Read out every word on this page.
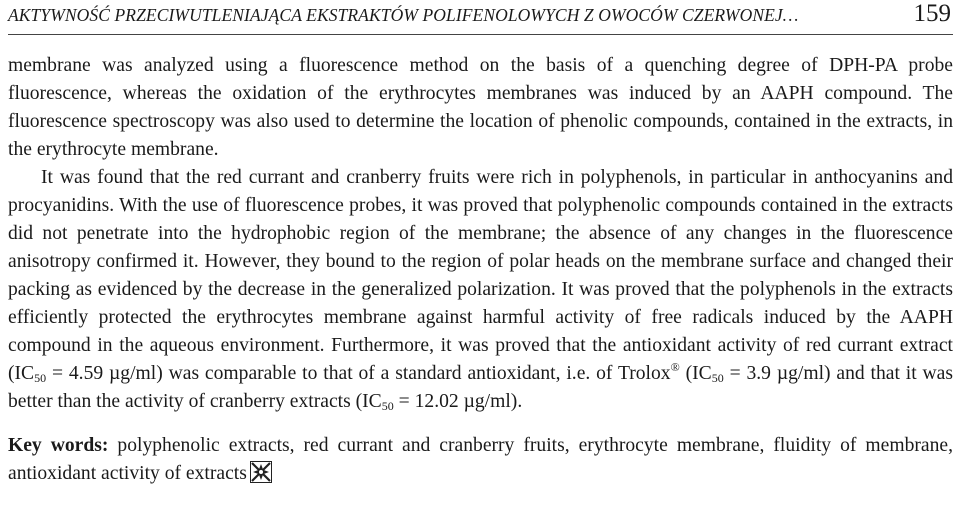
AKTYWNOŚĆ PRZECIWUTLENIAJĄCA EKSTRAKTÓW POLIFENOLOWYCH Z OWOCÓW CZERWONEJ…	159

membrane was analyzed using a fluorescence method on the basis of a quenching degree of DPH-PA probe fluorescence, whereas the oxidation of the erythrocytes membranes was induced by an AAPH compound. The fluorescence spectroscopy was also used to determine the location of phenolic compounds, contained in the extracts, in the erythrocyte membrane.

It was found that the red currant and cranberry fruits were rich in polyphenols, in particular in anthocyanins and procyanidins. With the use of fluorescence probes, it was proved that polyphenolic compounds contained in the extracts did not penetrate into the hydrophobic region of the membrane; the absence of any changes in the fluorescence anisotropy confirmed it. However, they bound to the region of polar heads on the membrane surface and changed their packing as evidenced by the decrease in the generalized polarization. It was proved that the polyphenols in the extracts efficiently protected the erythrocytes membrane against harmful activity of free radicals induced by the AAPH compound in the aqueous environment. Furthermore, it was proved that the antioxidant activity of red currant extract ($IC_{50} = 4.59$ µg/ml) was comparable to that of a standard antioxidant, i.e. of Trolox® ($IC_{50} = 3.9$ µg/ml) and that it was better than the activity of cranberry extracts ($IC_{50} = 12.02$ µg/ml).

Key words: polyphenolic extracts, red currant and cranberry fruits, erythrocyte membrane, fluidity of membrane, antioxidant activity of extracts
